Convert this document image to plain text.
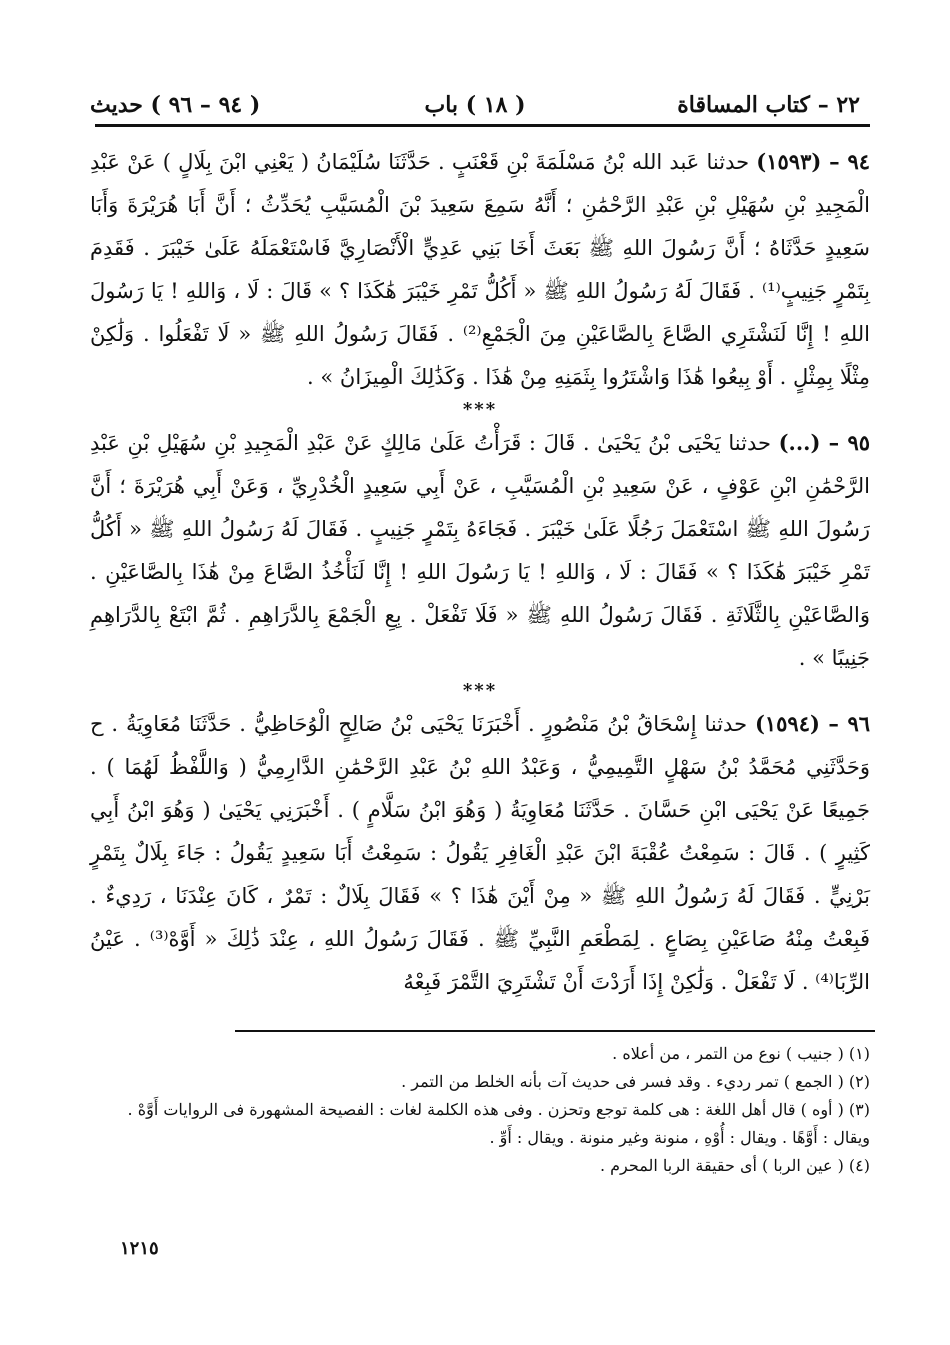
٢٢ – كتاب المساقاة
( ١٨ ) باب
( ٩٤ – ٩٦ ) حديث

٩٤ – (١٥٩٣) حدثنا عَبد الله بْنُ مَسْلَمَةَ بْنِ قَعْنَبٍ . حَدَّثَنَا سُلَيْمَانُ ( يَعْنِي ابْنَ بِلَالٍ ) عَنْ عَبْدِ الْمَجِيدِ بْنِ سُهَيْلِ بْنِ عَبْدِ الرَّحْمَٰنِ ؛ أَنَّهُ سَمِعَ سَعِيدَ بْنَ الْمُسَيَّبِ يُحَدِّثُ ؛ أَنَّ أَبَا هُرَيْرَةَ وَأَبَا سَعِيدٍ حَدَّثَاهُ ؛ أَنَّ رَسُولَ اللهِ ﷺ بَعَثَ أَخَا بَنِي عَدِيٍّ الْأَنْصَارِيَّ فَاسْتَعْمَلَهُ عَلَىٰ خَيْبَرَ . فَقَدِمَ بِتَمْرٍ جَنِيبٍ⁽¹⁾ . فَقَالَ لَهُ رَسُولُ اللهِ ﷺ « أَكُلُّ تَمْرِ خَيْبَرَ هَٰكَذَا ؟ » قَالَ : لَا ، وَاللهِ ! يَا رَسُولَ اللهِ ! إِنَّا لَنَشْتَرِي الصَّاعَ بِالصَّاعَيْنِ مِنَ الْجَمْعِ⁽²⁾ . فَقَالَ رَسُولُ اللهِ ﷺ « لَا تَفْعَلُوا . وَلَٰكِنْ مِثْلًا بِمِثْلٍ . أَوْ بِيعُوا هَٰذَا وَاشْتَرُوا بِثَمَنِهِ مِنْ هَٰذَا . وَكَذَٰلِكَ الْمِيزَانُ » .

***

٩٥ – (...) حدثنا يَحْيَى بْنُ يَحْيَىٰ . قَالَ : قَرَأْتُ عَلَىٰ مَالِكٍ عَنْ عَبْدِ الْمَجِيدِ بْنِ سُهَيْلِ بْنِ عَبْدِ الرَّحْمَٰنِ ابْنِ عَوْفٍ ، عَنْ سَعِيدِ بْنِ الْمُسَيَّبِ ، عَنْ أَبِي سَعِيدٍ الْخُدْرِيِّ ، وَعَنْ أَبِي هُرَيْرَةَ ؛ أَنَّ رَسُولَ اللهِ ﷺ اسْتَعْمَلَ رَجُلًا عَلَىٰ خَيْبَرَ . فَجَاءَهُ بِتَمْرٍ جَنِيبٍ . فَقَالَ لَهُ رَسُولُ اللهِ ﷺ « أَكُلُّ تَمْرِ خَيْبَرَ هَٰكَذَا ؟ » فَقَالَ : لَا ، وَاللهِ ! يَا رَسُولَ اللهِ ! إِنَّا لَنَأْخُذُ الصَّاعَ مِنْ هَٰذَا بِالصَّاعَيْنِ . وَالصَّاعَيْنِ بِالثَّلَاثَةِ . فَقَالَ رَسُولُ اللهِ ﷺ « فَلَا تَفْعَلْ . بِعِ الْجَمْعَ بِالدَّرَاهِمِ . ثُمَّ ابْتَعْ بِالدَّرَاهِمِ جَنِيبًا » .

***

٩٦ – (١٥٩٤) حدثنا إِسْحَاقُ بْنُ مَنْصُورٍ . أَخْبَرَنَا يَحْيَى بْنُ صَالِحٍ الْوُحَاظِيُّ . حَدَّثَنَا مُعَاوِيَةُ . ح وَحَدَّثَنِي مُحَمَّدُ بْنُ سَهْلٍ التَّمِيمِيُّ ، وَعَبْدُ اللهِ بْنُ عَبْدِ الرَّحْمَٰنِ الدَّارِمِيُّ ( وَاللَّفْظُ لَهُمَا ) . جَمِيعًا عَنْ يَحْيَى ابْنِ حَسَّانَ . حَدَّثَنَا مُعَاوِيَةُ ( وَهُوَ ابْنُ سَلَّامٍ ) . أَخْبَرَنِي يَحْيَىٰ ( وَهُوَ ابْنُ أَبِي كَثِيرٍ ) . قَالَ : سَمِعْتُ عُقْبَةَ ابْنَ عَبْدِ الْغَافِرِ يَقُولُ : سَمِعْتُ أَبَا سَعِيدٍ يَقُولُ : جَاءَ بِلَالٌ بِتَمْرٍ بَرْنِيٍّ . فَقَالَ لَهُ رَسُولُ اللهِ ﷺ « مِنْ أَيْنَ هَٰذَا ؟ » فَقَالَ بِلَالٌ : تَمْرٌ ، كَانَ عِنْدَنَا ، رَدِيءٌ . فَبِعْتُ مِنْهُ صَاعَيْنِ بِصَاعٍ . لِمَطْعَمِ النَّبِيِّ ﷺ . فَقَالَ رَسُولُ اللهِ ، عِنْدَ ذَٰلِكَ « أَوَّهْ⁽³⁾ . عَيْنُ الرِّبَا⁽⁴⁾ . لَا تَفْعَلْ . وَلَٰكِنْ إِذَا أَرَدْتَ أَنْ تَشْتَرِيَ التَّمْرَ فَبِعْهُ

(١) ( جنيب ) نوع من التمر ، من أعلاه .

(٢) ( الجمع ) تمر رديء . وقد فسر فى حديث آت بأنه الخلط من التمر .

(٣) ( أوه ) قال أهل اللغة : هى كلمة توجع وتحزن . وفى هذه الكلمة لغات : الفصيحة المشهورة فى الروايات أَوَّهْ . ويقال : أَوَّهًا . ويقال : أُوْهِ ، منونة وغير منونة . ويقال : أَوِّ .

(٤) ( عين الربا ) أى حقيقة الربا المحرم .

١٢١٥
